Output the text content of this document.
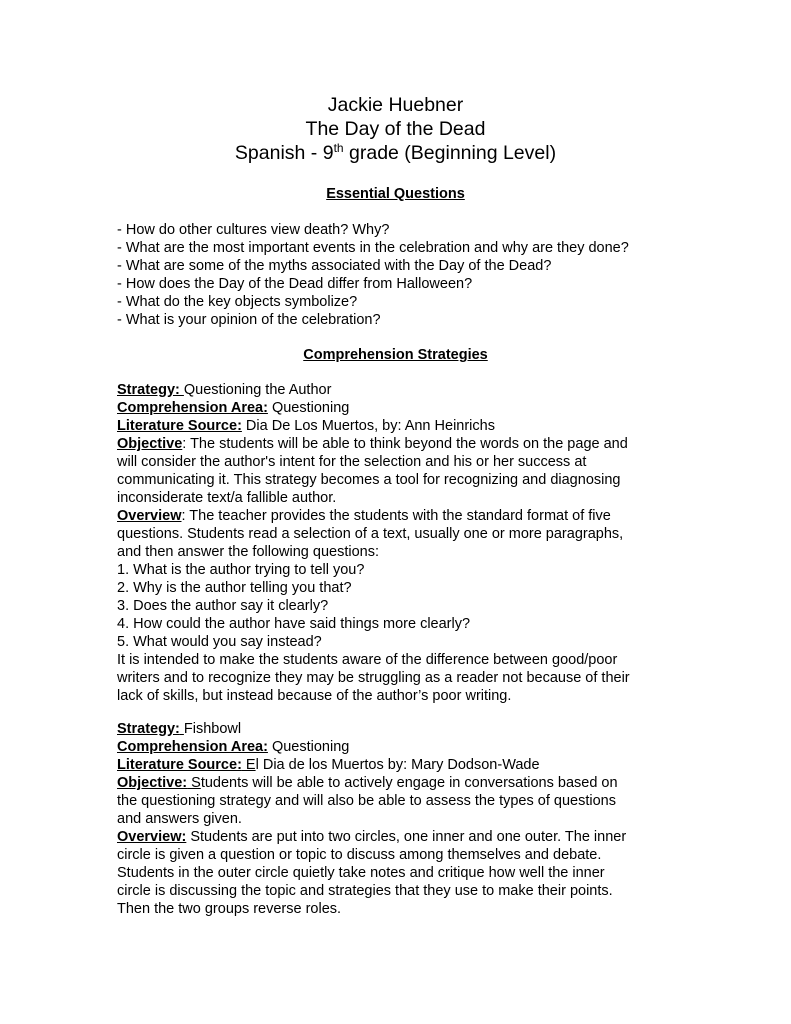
Jackie Huebner
The Day of the Dead
Spanish - 9th grade (Beginning Level)
Essential Questions
- How do other cultures view death? Why?
- What are the most important events in the celebration and why are they done?
- What are some of the myths associated with the Day of the Dead?
- How does the Day of the Dead differ from Halloween?
- What do the key objects symbolize?
- What is your opinion of the celebration?
Comprehension Strategies
Strategy: Questioning the Author
Comprehension Area: Questioning
Literature Source: Dia De Los Muertos, by: Ann Heinrichs
Objective: The students will be able to think beyond the words on the page and
will consider the author's intent for the selection and his or her success at
communicating it. This strategy becomes a tool for recognizing and diagnosing
inconsiderate text/a fallible author.
Overview: The teacher provides the students with the standard format of five
questions. Students read a selection of a text, usually one or more paragraphs,
and then answer the following questions:
1. What is the author trying to tell you?
2. Why is the author telling you that?
3. Does the author say it clearly?
4. How could the author have said things more clearly?
5. What would you say instead?
It is intended to make the students aware of the difference between good/poor
writers and to recognize they may be struggling as a reader not because of their
lack of skills, but instead because of the author’s poor writing.
Strategy: Fishbowl
Comprehension Area: Questioning
Literature Source: El Dia de los Muertos by: Mary Dodson-Wade
Objective: Students will be able to actively engage in conversations based on
the questioning strategy and will also be able to assess the types of questions
and answers given.
Overview: Students are put into two circles, one inner and one outer. The inner
circle is given a question or topic to discuss among themselves and debate.
Students in the outer circle quietly take notes and critique how well the inner
circle is discussing the topic and strategies that they use to make their points.
Then the two groups reverse roles.
